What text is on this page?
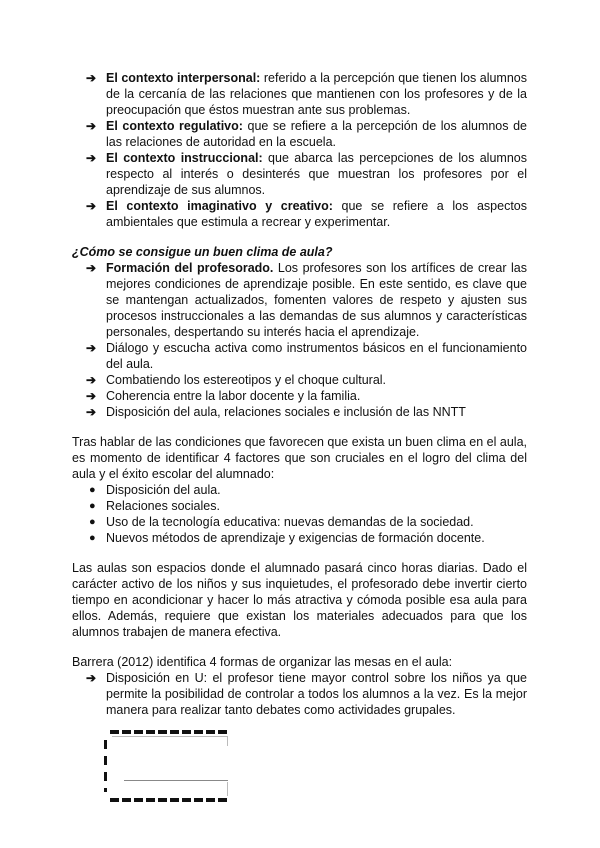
➔ El contexto interpersonal: referido a la percepción que tienen los alumnos de la cercanía de las relaciones que mantienen con los profesores y de la preocupación que éstos muestran ante sus problemas.
➔ El contexto regulativo: que se refiere a la percepción de los alumnos de las relaciones de autoridad en la escuela.
➔ El contexto instruccional: que abarca las percepciones de los alumnos respecto al interés o desinterés que muestran los profesores por el aprendizaje de sus alumnos.
➔ El contexto imaginativo y creativo: que se refiere a los aspectos ambientales que estimula a recrear y experimentar.
¿Cómo se consigue un buen clima de aula?
➔ Formación del profesorado. Los profesores son los artífices de crear las mejores condiciones de aprendizaje posible. En este sentido, es clave que se mantengan actualizados, fomenten valores de respeto y ajusten sus procesos instruccionales a las demandas de sus alumnos y características personales, despertando su interés hacia el aprendizaje.
➔ Diálogo y escucha activa como instrumentos básicos en el funcionamiento del aula.
➔ Combatiendo los estereotipos y el choque cultural.
➔ Coherencia entre la labor docente y la familia.
➔ Disposición del aula, relaciones sociales e inclusión de las NNTT

Tras hablar de las condiciones que favorecen que exista un buen clima en el aula, es momento de identificar 4 factores que son cruciales en el logro del clima del aula y el éxito escolar del alumnado:

● Disposición del aula.
● Relaciones sociales.
● Uso de la tecnología educativa: nuevas demandas de la sociedad.
● Nuevos métodos de aprendizaje y exigencias de formación docente.

Las aulas son espacios donde el alumnado pasará cinco horas diarias. Dado el carácter activo de los niños y sus inquietudes, el profesorado debe invertir cierto tiempo en acondicionar y hacer lo más atractiva y cómoda posible esa aula para ellos. Además, requiere que existan los materiales adecuados para que los alumnos trabajen de manera efectiva.

Barrera (2012) identifica 4 formas de organizar las mesas en el aula:

➔ Disposición en U: el profesor tiene mayor control sobre los niños ya que permite la posibilidad de controlar a todos los alumnos a la vez. Es la mejor manera para realizar tanto debates como actividades grupales.
